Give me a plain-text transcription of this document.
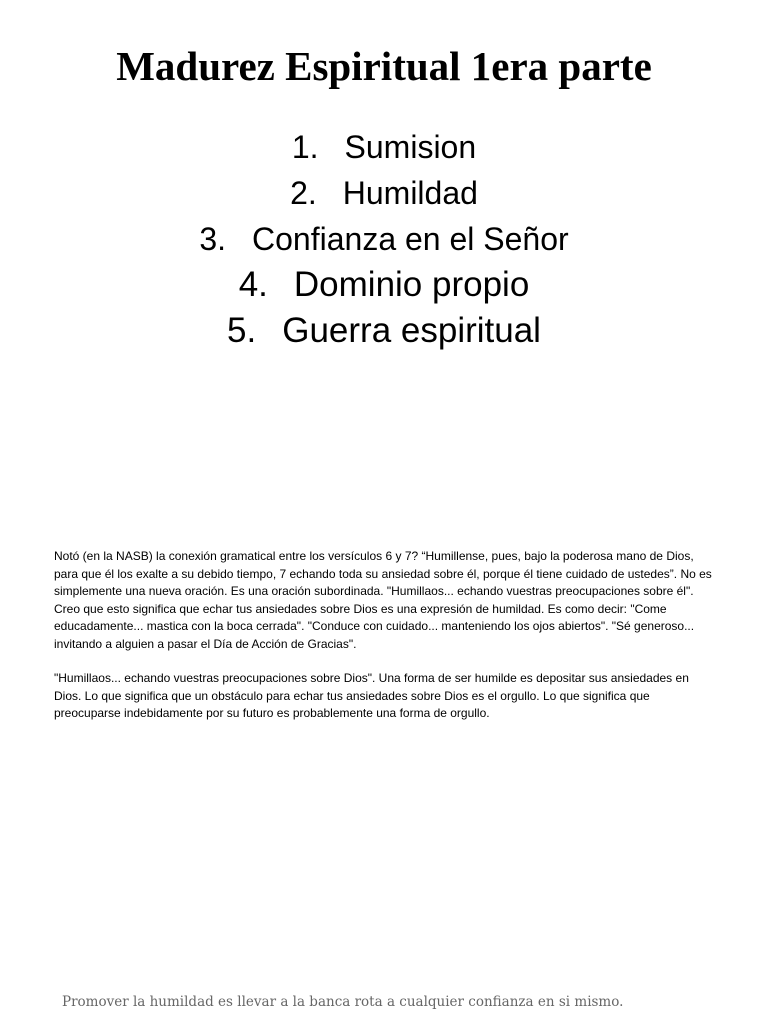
Madurez Espiritual 1era parte
1. Sumision
2. Humildad
3. Confianza en el Señor
4. Dominio propio
5. Guerra espiritual

Notó (en la NASB) la conexión gramatical entre los versículos 6 y 7? “Humillense, pues, bajo la poderosa mano de Dios, para que él los exalte a su debido tiempo, 7 echando toda su ansiedad sobre él, porque él tiene cuidado de ustedes”. No es simplemente una nueva oración. Es una oración subordinada. "Humillaos... echando vuestras preocupaciones sobre él". Creo que esto significa que echar tus ansiedades sobre Dios es una expresión de humildad. Es como decir: "Come educadamente... mastica con la boca cerrada". "Conduce con cuidado... manteniendo los ojos abiertos". "Sé generoso... invitando a alguien a pasar el Día de Acción de Gracias".

"Humillaos... echando vuestras preocupaciones sobre Dios". Una forma de ser humilde es depositar sus ansiedades en Dios. Lo que significa que un obstáculo para echar tus ansiedades sobre Dios es el orgullo. Lo que significa que preocuparse indebidamente por su futuro es probablemente una forma de orgullo.

Promover la humildad es llevar a la banca rota a cualquier confianza en si mismo.
